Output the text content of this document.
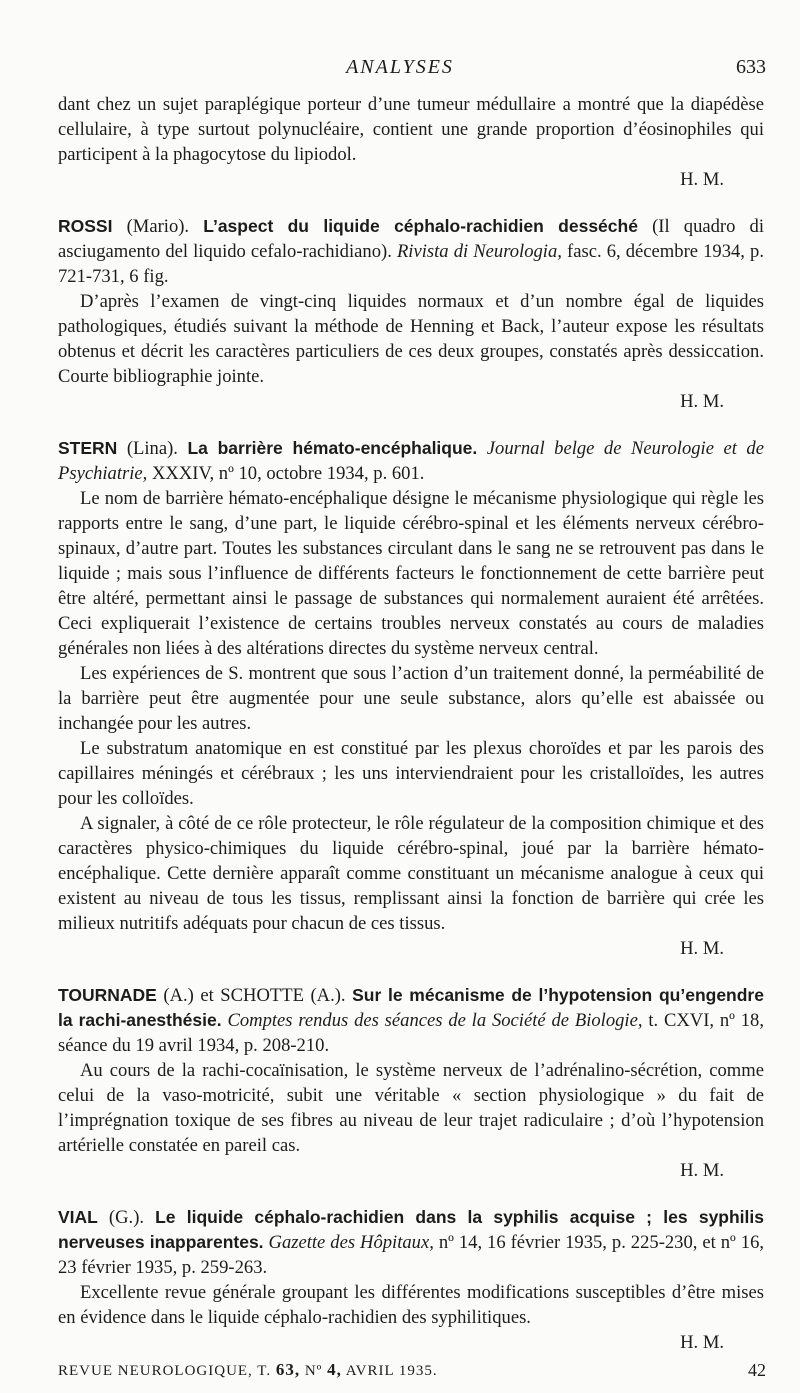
ANALYSES	633

dant chez un sujet paraplégique porteur d’une tumeur médullaire a montré que la diapédèse cellulaire, à type surtout polynucléaire, contient une grande proportion d’éosinophiles qui participent à la phagocytose du lipiodol.

H. M.

ROSSI (Mario). L’aspect du liquide céphalo-rachidien desséché (Il quadro di asciugamento del liquido cefalo-rachidiano). Rivista di Neurologia, fasc. 6, décembre 1934, p. 721-731, 6 fig.

D’après l’examen de vingt-cinq liquides normaux et d’un nombre égal de liquides pathologiques, étudiés suivant la méthode de Henning et Back, l’auteur expose les résultats obtenus et décrit les caractères particuliers de ces deux groupes, constatés après dessiccation. Courte bibliographie jointe.

H. M.

STERN (Lina). La barrière hémato-encéphalique. Journal belge de Neurologie et de Psychiatrie, XXXIV, nº 10, octobre 1934, p. 601.

Le nom de barrière hémato-encéphalique désigne le mécanisme physiologique qui règle les rapports entre le sang, d’une part, le liquide cérébro-spinal et les éléments nerveux cérébro-spinaux, d’autre part. Toutes les substances circulant dans le sang ne se retrouvent pas dans le liquide ; mais sous l’influence de différents facteurs le fonctionnement de cette barrière peut être altéré, permettant ainsi le passage de substances qui normalement auraient été arrêtées. Ceci expliquerait l’existence de certains troubles nerveux constatés au cours de maladies générales non liées à des altérations directes du système nerveux central.

Les expériences de S. montrent que sous l’action d’un traitement donné, la perméabilité de la barrière peut être augmentée pour une seule substance, alors qu’elle est abaissée ou inchangée pour les autres.

Le substratum anatomique en est constitué par les plexus choroïdes et par les parois des capillaires méningés et cérébraux ; les uns interviendraient pour les cristalloïdes, les autres pour les colloïdes.

A signaler, à côté de ce rôle protecteur, le rôle régulateur de la composition chimique et des caractères physico-chimiques du liquide cérébro-spinal, joué par la barrière hémato-encéphalique. Cette dernière apparaît comme constituant un mécanisme analogue à ceux qui existent au niveau de tous les tissus, remplissant ainsi la fonction de barrière qui crée les milieux nutritifs adéquats pour chacun de ces tissus.

H. M.

TOURNADE (A.) et SCHOTTE (A.). Sur le mécanisme de l’hypotension qu’engendre la rachi-anesthésie. Comptes rendus des séances de la Société de Biologie, t. CXVI, nº 18, séance du 19 avril 1934, p. 208-210.

Au cours de la rachi-cocaïnisation, le système nerveux de l’adrénalino-sécrétion, comme celui de la vaso-motricité, subit une véritable « section physiologique » du fait de l’imprégnation toxique de ses fibres au niveau de leur trajet radiculaire ; d’où l’hypotension artérielle constatée en pareil cas.

H. M.

VIAL (G.). Le liquide céphalo-rachidien dans la syphilis acquise ; les syphilis nerveuses inapparentes. Gazette des Hôpitaux, nº 14, 16 février 1935, p. 225-230, et nº 16, 23 février 1935, p. 259-263.

Excellente revue générale groupant les différentes modifications susceptibles d’être mises en évidence dans le liquide céphalo-rachidien des syphilitiques.

H. M.

REVUE NEUROLOGIQUE, T. 63, Nº 4, AVRIL 1935.	42
